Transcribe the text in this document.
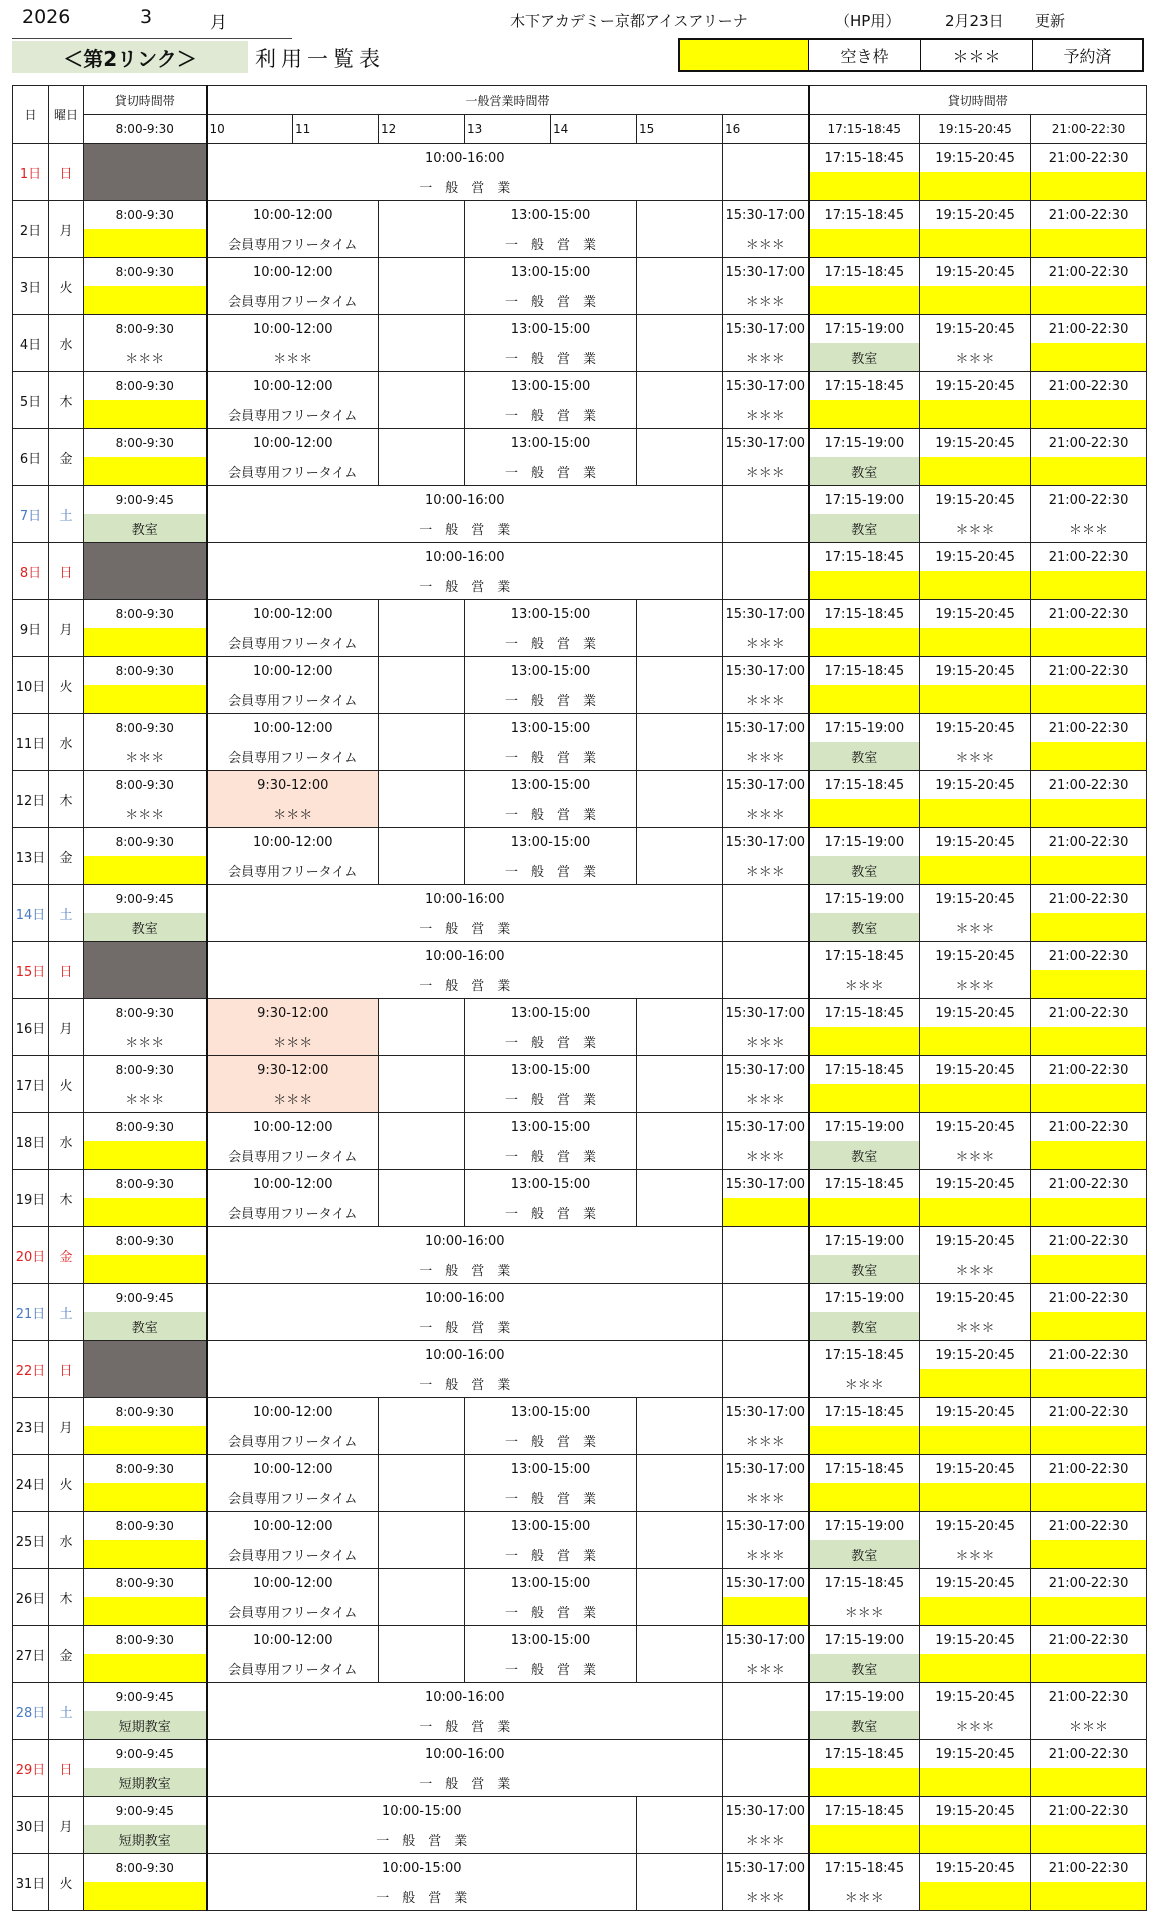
2026	3	月	木下アカデミー京都アイスアリーナ	（HP用）	2月23日 更新
＜第2リンク＞	利用一覧表	空き枠	＊＊＊	予約済
日	曜日	貸切時間帯	一般営業時間帯							貸切時間帯		
		8:00-9:30	10	11	12	13	14	15	16	17:15-18:45	19:15-20:45	21:00-22:30
1日	日		10:00-16:00							17:15-18:45	19:15-20:45	21:00-22:30
			一　般　営　業									
2日	月	8:00-9:30	10:00-12:00			13:00-15:00			15:30-17:00	17:15-18:45	19:15-20:45	21:00-22:30
			会員専用フリータイム			一　般　営　業			＊＊＊			
3日	火	8:00-9:30	10:00-12:00			13:00-15:00			15:30-17:00	17:15-18:45	19:15-20:45	21:00-22:30
			会員専用フリータイム			一　般　営　業			＊＊＊			
4日	水	8:00-9:30	10:00-12:00			13:00-15:00			15:30-17:00	17:15-19:00	19:15-20:45	21:00-22:30
		＊＊＊	＊＊＊			一　般　営　業			＊＊＊	教室	＊＊＊	
5日	木	8:00-9:30	10:00-12:00			13:00-15:00			15:30-17:00	17:15-18:45	19:15-20:45	21:00-22:30
			会員専用フリータイム			一　般　営　業			＊＊＊			
6日	金	8:00-9:30	10:00-12:00			13:00-15:00			15:30-17:00	17:15-19:00	19:15-20:45	21:00-22:30
			会員専用フリータイム			一　般　営　業			＊＊＊	教室		
7日	土	9:00-9:45	10:00-16:00							17:15-19:00	19:15-20:45	21:00-22:30
		教室	一　般　営　業							教室	＊＊＊	＊＊＊
8日	日		10:00-16:00							17:15-18:45	19:15-20:45	21:00-22:30
			一　般　営　業									
9日	月	8:00-9:30	10:00-12:00			13:00-15:00			15:30-17:00	17:15-18:45	19:15-20:45	21:00-22:30
			会員専用フリータイム			一　般　営　業			＊＊＊			
10日	火	8:00-9:30	10:00-12:00			13:00-15:00			15:30-17:00	17:15-18:45	19:15-20:45	21:00-22:30
			会員専用フリータイム			一　般　営　業			＊＊＊			
11日	水	8:00-9:30	10:00-12:00			13:00-15:00			15:30-17:00	17:15-19:00	19:15-20:45	21:00-22:30
		＊＊＊	会員専用フリータイム			一　般　営　業			＊＊＊	教室	＊＊＊	
12日	木	8:00-9:30	9:30-12:00			13:00-15:00			15:30-17:00	17:15-18:45	19:15-20:45	21:00-22:30
		＊＊＊	＊＊＊			一　般　営　業			＊＊＊			
13日	金	8:00-9:30	10:00-12:00			13:00-15:00			15:30-17:00	17:15-19:00	19:15-20:45	21:00-22:30
			会員専用フリータイム			一　般　営　業			＊＊＊	教室		
14日	土	9:00-9:45	10:00-16:00							17:15-19:00	19:15-20:45	21:00-22:30
		教室	一　般　営　業							教室	＊＊＊	
15日	日		10:00-16:00							17:15-18:45	19:15-20:45	21:00-22:30
			一　般　営　業							＊＊＊	＊＊＊	
16日	月	8:00-9:30	9:30-12:00			13:00-15:00			15:30-17:00	17:15-18:45	19:15-20:45	21:00-22:30
		＊＊＊	＊＊＊			一　般　営　業			＊＊＊			
17日	火	8:00-9:30	9:30-12:00			13:00-15:00			15:30-17:00	17:15-18:45	19:15-20:45	21:00-22:30
		＊＊＊	＊＊＊			一　般　営　業			＊＊＊			
18日	水	8:00-9:30	10:00-12:00			13:00-15:00			15:30-17:00	17:15-19:00	19:15-20:45	21:00-22:30
			会員専用フリータイム			一　般　営　業			＊＊＊	教室	＊＊＊	
19日	木	8:00-9:30	10:00-12:00			13:00-15:00			15:30-17:00	17:15-18:45	19:15-20:45	21:00-22:30
			会員専用フリータイム			一　般　営　業						
20日	金	8:00-9:30	10:00-16:00							17:15-19:00	19:15-20:45	21:00-22:30
			一　般　営　業							教室	＊＊＊	
21日	土	9:00-9:45	10:00-16:00							17:15-19:00	19:15-20:45	21:00-22:30
		教室	一　般　営　業							教室	＊＊＊	
22日	日		10:00-16:00							17:15-18:45	19:15-20:45	21:00-22:30
			一　般　営　業							＊＊＊		
23日	月	8:00-9:30	10:00-12:00			13:00-15:00			15:30-17:00	17:15-18:45	19:15-20:45	21:00-22:30
			会員専用フリータイム			一　般　営　業			＊＊＊			
24日	火	8:00-9:30	10:00-12:00			13:00-15:00			15:30-17:00	17:15-18:45	19:15-20:45	21:00-22:30
			会員専用フリータイム			一　般　営　業			＊＊＊			
25日	水	8:00-9:30	10:00-12:00			13:00-15:00			15:30-17:00	17:15-19:00	19:15-20:45	21:00-22:30
			会員専用フリータイム			一　般　営　業			＊＊＊	教室	＊＊＊	
26日	木	8:00-9:30	10:00-12:00			13:00-15:00			15:30-17:00	17:15-18:45	19:15-20:45	21:00-22:30
			会員専用フリータイム			一　般　営　業				＊＊＊		
27日	金	8:00-9:30	10:00-12:00			13:00-15:00			15:30-17:00	17:15-19:00	19:15-20:45	21:00-22:30
			会員専用フリータイム			一　般　営　業			＊＊＊	教室		
28日	土	9:00-9:45	10:00-16:00							17:15-19:00	19:15-20:45	21:00-22:30
		短期教室	一　般　営　業							教室	＊＊＊	＊＊＊
29日	日	9:00-9:45	10:00-16:00							17:15-18:45	19:15-20:45	21:00-22:30
		短期教室	一　般　営　業									
30日	月	9:00-9:45	10:00-15:00						15:30-17:00	17:15-18:45	19:15-20:45	21:00-22:30
		短期教室	一　般　営　業						＊＊＊			
31日	火	8:00-9:30	10:00-15:00						15:30-17:00	17:15-18:45	19:15-20:45	21:00-22:30
			一　般　営　業						＊＊＊	＊＊＊		
